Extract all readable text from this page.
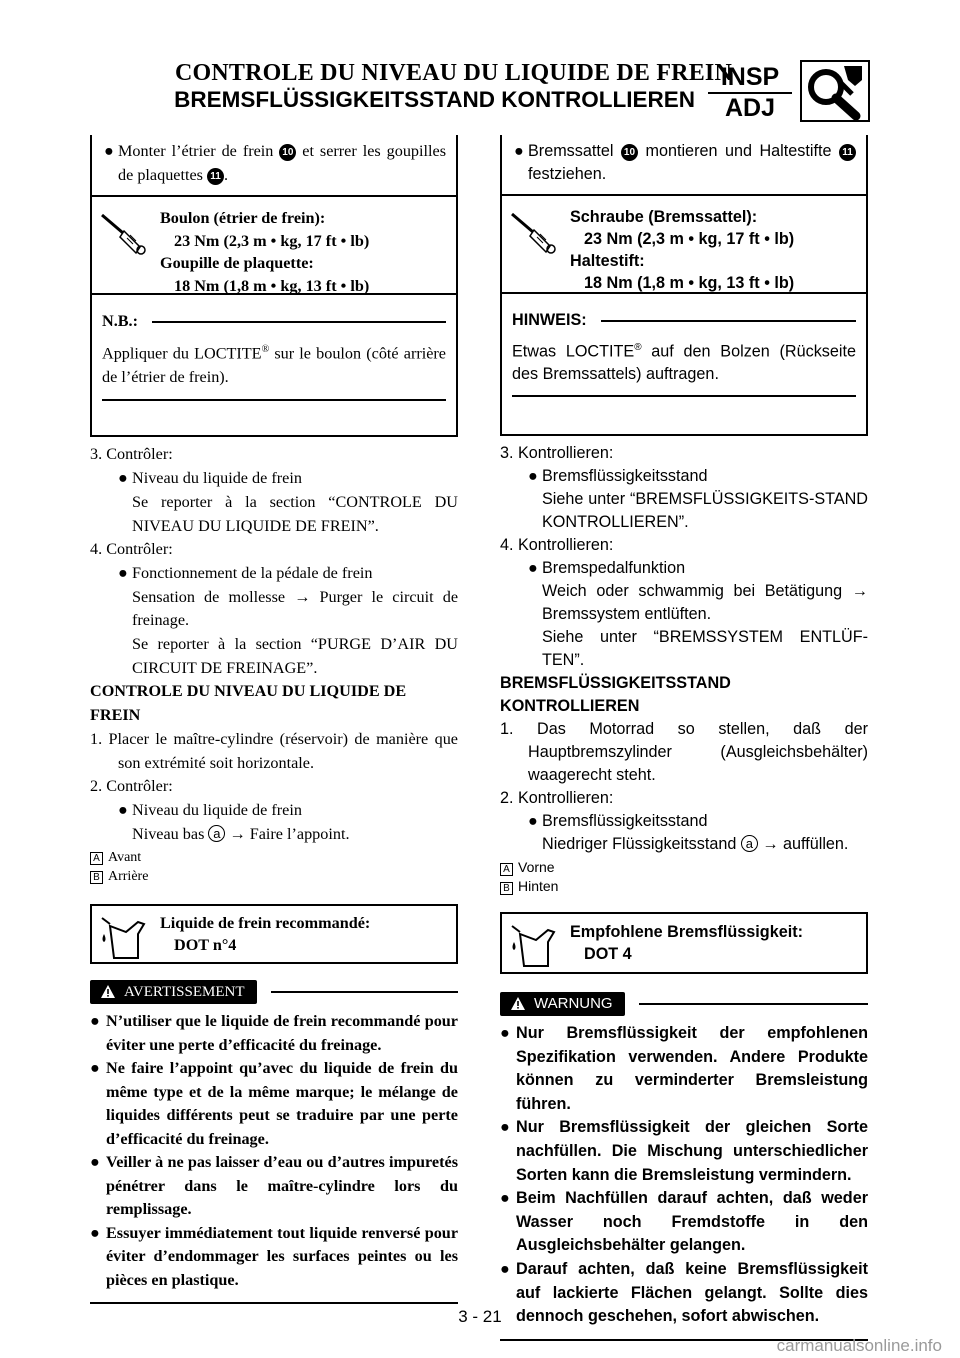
CONTROLE DU NIVEAU DU LIQUIDE DE FREIN
BREMSFLÜSSIGKEITSSTAND KONTROLLIEREN
INSP
ADJ
● Monter l’étrier de frein 10 et serrer les goupilles de plaquettes 11 .
Boulon (étrier de frein):
23 Nm (2,3 m • kg, 17 ft • lb)
Goupille de plaquette:
18 Nm (1,8 m • kg, 13 ft • lb)
N.B.:
Appliquer du LOCTITE® sur le boulon (côté arrière de l’étrier de frein).

3. Contrôler:

● Niveau du liquide de frein

Se reporter à la section “CONTROLE DU NIVEAU DU LIQUIDE DE FREIN”.

4. Contrôler:

● Fonctionnement de la pédale de frein

Sensation de mollesse → Purger le circuit de freinage.

Se reporter à la section “PURGE D’AIR DU CIRCUIT DE FREINAGE”.

CONTROLE DU NIVEAU DU LIQUIDE DE FREIN

1. Placer le maître-cylindre (réservoir) de manière que son extrémité soit horizontale.

2. Contrôler:

● Niveau du liquide de frein

Niveau bas a → Faire l’appoint.

A Avant

B Arrière

Liquide de frein recommandé:
DOT n°4
AVERTISSEMENT
● N’utiliser que le liquide de frein recommandé pour éviter une perte d’efficacité du freinage.
● Ne faire l’appoint qu’avec du liquide de frein du même type et de la même marque; le mélange de liquides différents peut se traduire par une perte d’efficacité du freinage.
● Veiller à ne pas laisser d’eau ou d’autres impuretés pénétrer dans le maître-cylindre lors du remplissage.
● Essuyer immédiatement tout liquide renversé pour éviter d’endommager les surfaces peintes ou les pièces en plastique.
● Bremssattel 10 montieren und Haltestifte 11 festziehen.
Schraube (Bremssattel):
23 Nm (2,3 m • kg, 17 ft • lb)
Haltestift:
18 Nm (1,8 m • kg, 13 ft • lb)
HINWEIS:
Etwas LOCTITE® auf den Bolzen (Rückseite des Bremssattels) auftragen.

3. Kontrollieren:

● Bremsflüssigkeitsstand

Siehe unter “BREMSFLÜSSIGKEITS-STAND KONTROLLIEREN”.

4. Kontrollieren:

● Bremspedalfunktion

Weich oder schwammig bei Betätigung → Bremssystem entlüften.

Siehe unter “BREMSSYSTEM ENTLÜF-TEN”.

BREMSFLÜSSIGKEITSSTAND KONTROLLIEREN

1. Das Motorrad so stellen, daß der Hauptbremszylinder (Ausgleichsbehälter) waagerecht steht.

2. Kontrollieren:

● Bremsflüssigkeitsstand

Niedriger Flüssigkeitsstand a → auffüllen.

A Vorne

B Hinten

Empfohlene Bremsflüssigkeit:
DOT 4
WARNUNG
● Nur Bremsflüssigkeit der empfohlenen Spezifikation verwenden. Andere Produkte können zu verminderter Bremsleistung führen.
● Nur Bremsflüssigkeit der gleichen Sorte nachfüllen. Die Mischung unterschiedlicher Sorten kann die Bremsleistung vermindern.
● Beim Nachfüllen darauf achten, daß weder Wasser noch Fremdstoffe in den Ausgleichsbehälter gelangen.
● Darauf achten, daß keine Bremsflüssigkeit auf lackierte Flächen gelangt. Sollte dies dennoch geschehen, sofort abwischen.
3 - 21
carmanualsonline.info
